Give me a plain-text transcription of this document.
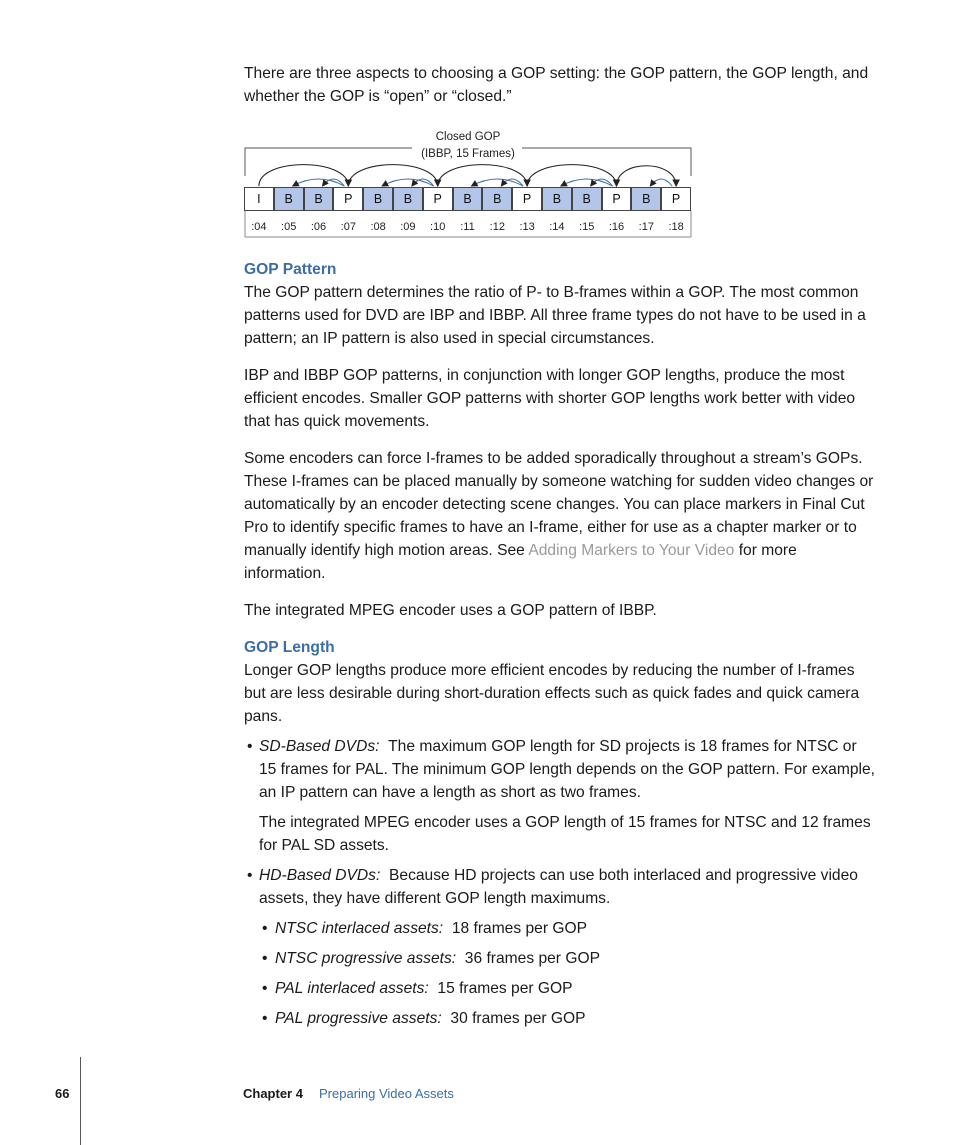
There are three aspects to choosing a GOP setting: the GOP pattern, the GOP length, and whether the GOP is “open” or “closed.”

Closed GOP
(IBBP, 15 Frames)
I	B	B	P	B	B	P	B	B	P	B	B	P	B	P
:04	:05	:06	:07	:08	:09	:10	:11	:12	:13	:14	:15	:16	:17	:18
GOP Pattern

The GOP pattern determines the ratio of P- to B-frames within a GOP. The most common patterns used for DVD are IBP and IBBP. All three frame types do not have to be used in a pattern; an IP pattern is also used in special circumstances.

IBP and IBBP GOP patterns, in conjunction with longer GOP lengths, produce the most efficient encodes. Smaller GOP patterns with shorter GOP lengths work better with video that has quick movements.

Some encoders can force I-frames to be added sporadically throughout a stream’s GOPs. These I-frames can be placed manually by someone watching for sudden video changes or automatically by an encoder detecting scene changes. You can place markers in Final Cut Pro to identify specific frames to have an I-frame, either for use as a chapter marker or to manually identify high motion areas. See Adding Markers to Your Video for more information.

The integrated MPEG encoder uses a GOP pattern of IBBP.

GOP Length

Longer GOP lengths produce more efficient encodes by reducing the number of I-frames but are less desirable during short-duration effects such as quick fades and quick camera pans.

• SD-Based DVDs: The maximum GOP length for SD projects is 18 frames for NTSC or 15 frames for PAL. The minimum GOP length depends on the GOP pattern. For example, an IP pattern can have a length as short as two frames.

The integrated MPEG encoder uses a GOP length of 15 frames for NTSC and 12 frames for PAL SD assets.

• HD-Based DVDs: Because HD projects can use both interlaced and progressive video assets, they have different GOP length maximums.

• NTSC interlaced assets: 18 frames per GOP

• NTSC progressive assets: 36 frames per GOP

• PAL interlaced assets: 15 frames per GOP

• PAL progressive assets: 30 frames per GOP

66	Chapter 4 Preparing Video Assets
